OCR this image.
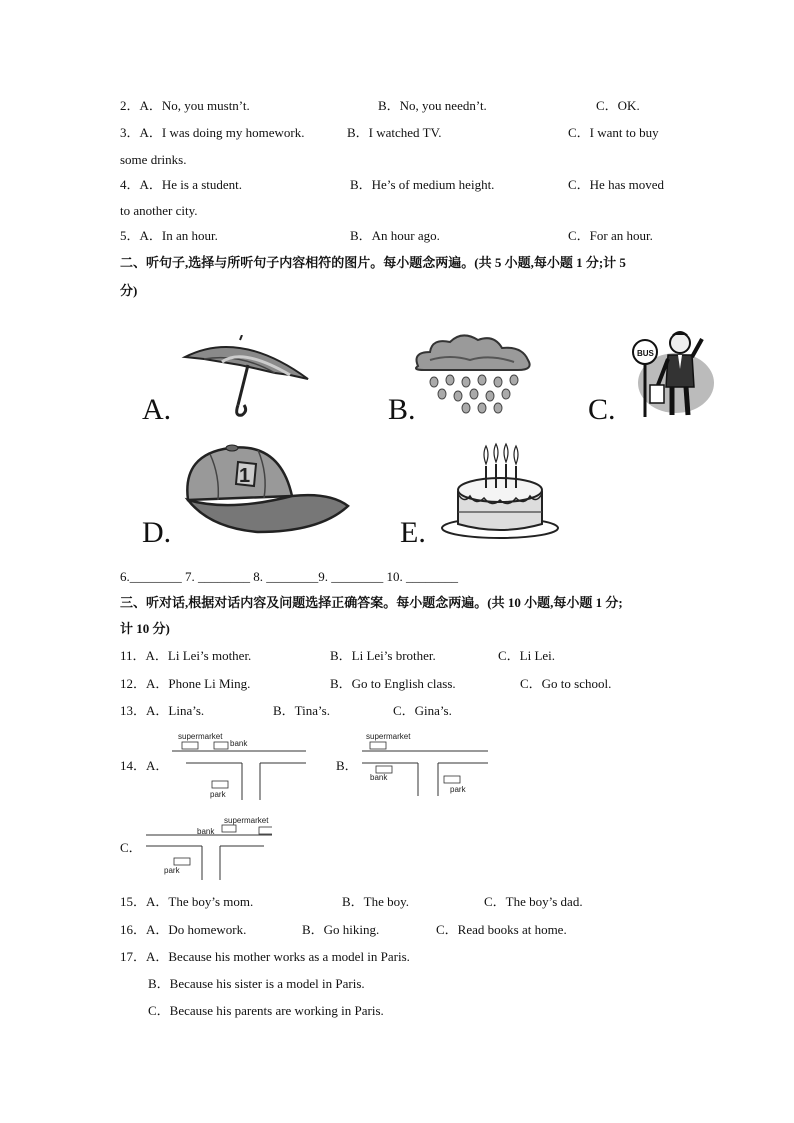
2．A．No, you mustn’t.	B．No, you needn’t.	C．OK.
3．A．I was doing my homework.	B．I watched TV.	C．I want to buy
some drinks.
4．A．He is a student.	B．He’s of medium height.	C．He has moved
to another city.
5．A．In an hour.	B．An hour ago.	C．For an hour.
二、听句子,选择与所听句子内容相符的图片。每小题念两遍。(共 5 小题,每小题 1 分;计 5
分)
A.	B.	C.
BUS
D.
1
E.
6.________ 7. ________ 8. ________9. ________ 10. ________
三、听对话,根据对话内容及问题选择正确答案。每小题念两遍。(共 10 小题,每小题 1 分;
计 10 分)
11．A．Li Lei’s mother.	B．Li Lei’s brother.	C．Li Lei.
12．A．Phone Li Ming.	B．Go to English class.	C．Go to school.
13．A．Lina’s.	B．Tina’s.	C．Gina’s.
14．A．
supermarket
bank
park
B．
supermarket
bank
park
C．
supermarket
bank
park
15．A．The boy’s mom.	B．The boy.	C．The boy’s dad.
16．A．Do homework.	B．Go hiking.	C．Read books at home.
17．A．Because his mother works as a model in Paris.
B．Because his sister is a model in Paris.
C．Because his parents are working in Paris.
